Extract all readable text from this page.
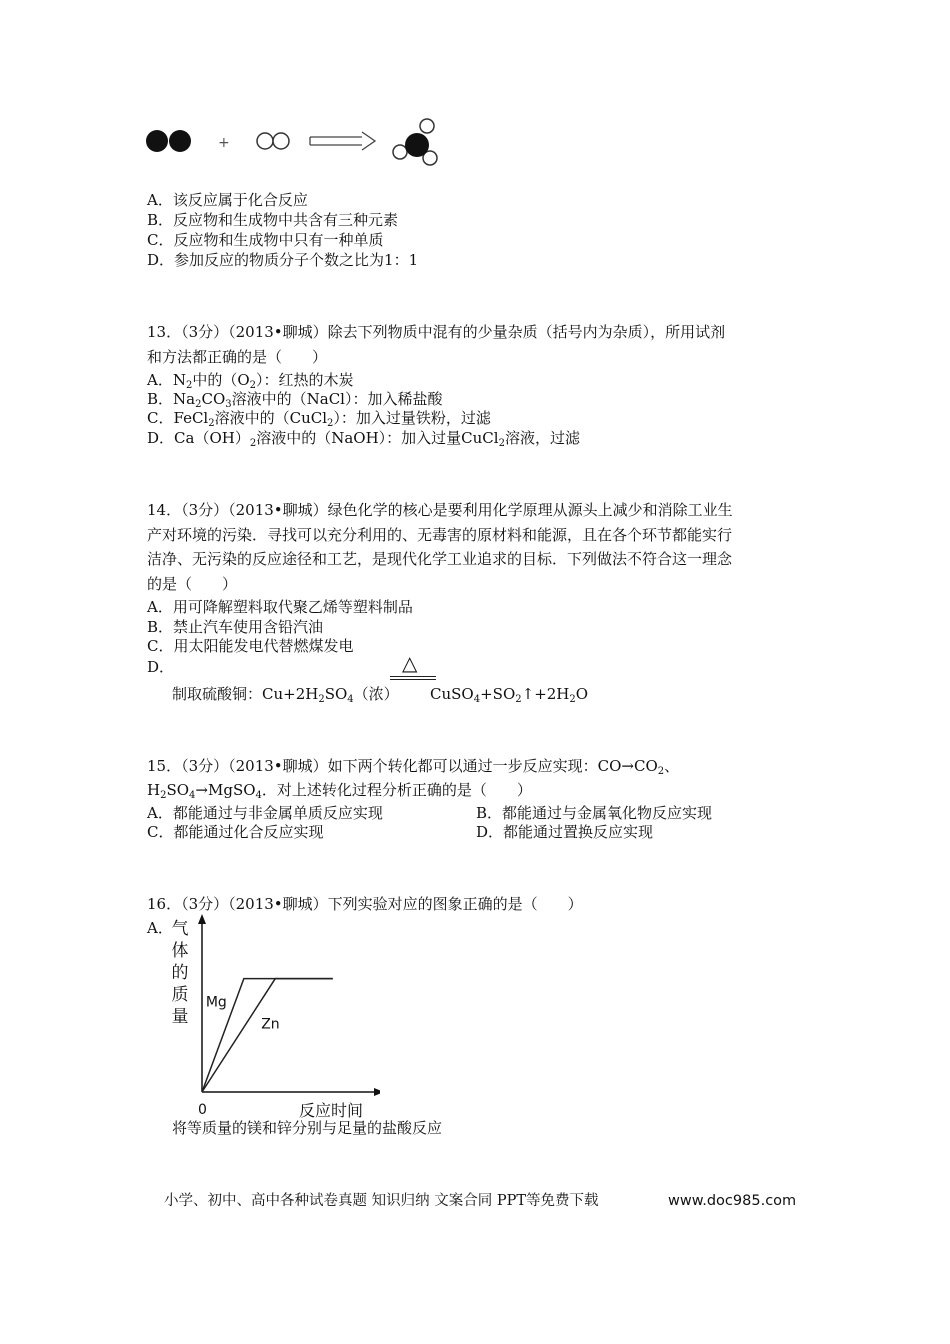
+
A．该反应属于化合反应
B．反应物和生成物中共含有三种元素
C．反应物和生成物中只有一种单质
D．参加反应的物质分子个数之比为1：1
13．（3分）（2013•聊城）除去下列物质中混有的少量杂质（括号内为杂质），所用试剂
和方法都正确的是（　　）
A．$N_2$中的$(O_2)$：红热的木炭
B．$Na_2CO_3$溶液中的（NaCl）：加入稀盐酸
C．FeCl$_2$溶液中的（CuCl$_2$）：加入过量铁粉，过滤
D．$Ca(OH)_2$溶液中的（NaOH）：加入过量CuCl$_2$溶液，过滤
14．（3分）（2013•聊城）绿色化学的核心是要利用化学原理从源头上减少和消除工业生
产对环境的污染．寻找可以充分利用的、无毒害的原材料和能源，且在各个环节都能实行
洁净、无污染的反应途径和工艺，是现代化学工业追求的目标．下列做法不符合这一理念
的是（　　）
A．用可降解塑料取代聚乙烯等塑料制品
B．禁止汽车使用含铅汽油
C．用太阳能发电代替燃煤发电
D．	△
制取硫酸铜：$Cu+2H_2SO_4$（浓） $CuSO_4+SO_2↑+2H_2O$
15．（3分）（2013•聊城）如下两个转化都可以通过一步反应实现：$CO\to CO_2$、
$H_2SO_4\to MgSO_4$．对上述转化过程分析正确的是（　　）
A．都能通过与非金属单质反应实现	B．都能通过与金属氧化物反应实现
C．都能通过化合反应实现	D．都能通过置换反应实现
16．（3分）（2013•聊城）下列实验对应的图象正确的是（　　）
A．
气
体
的
质
量
反应时间
0
Mg
Zn
将等质量的镁和锌分别与足量的盐酸反应
小学、初中、高中各种试卷真题 知识归纳 文案合同 PPT等免费下载	www.doc985.com
